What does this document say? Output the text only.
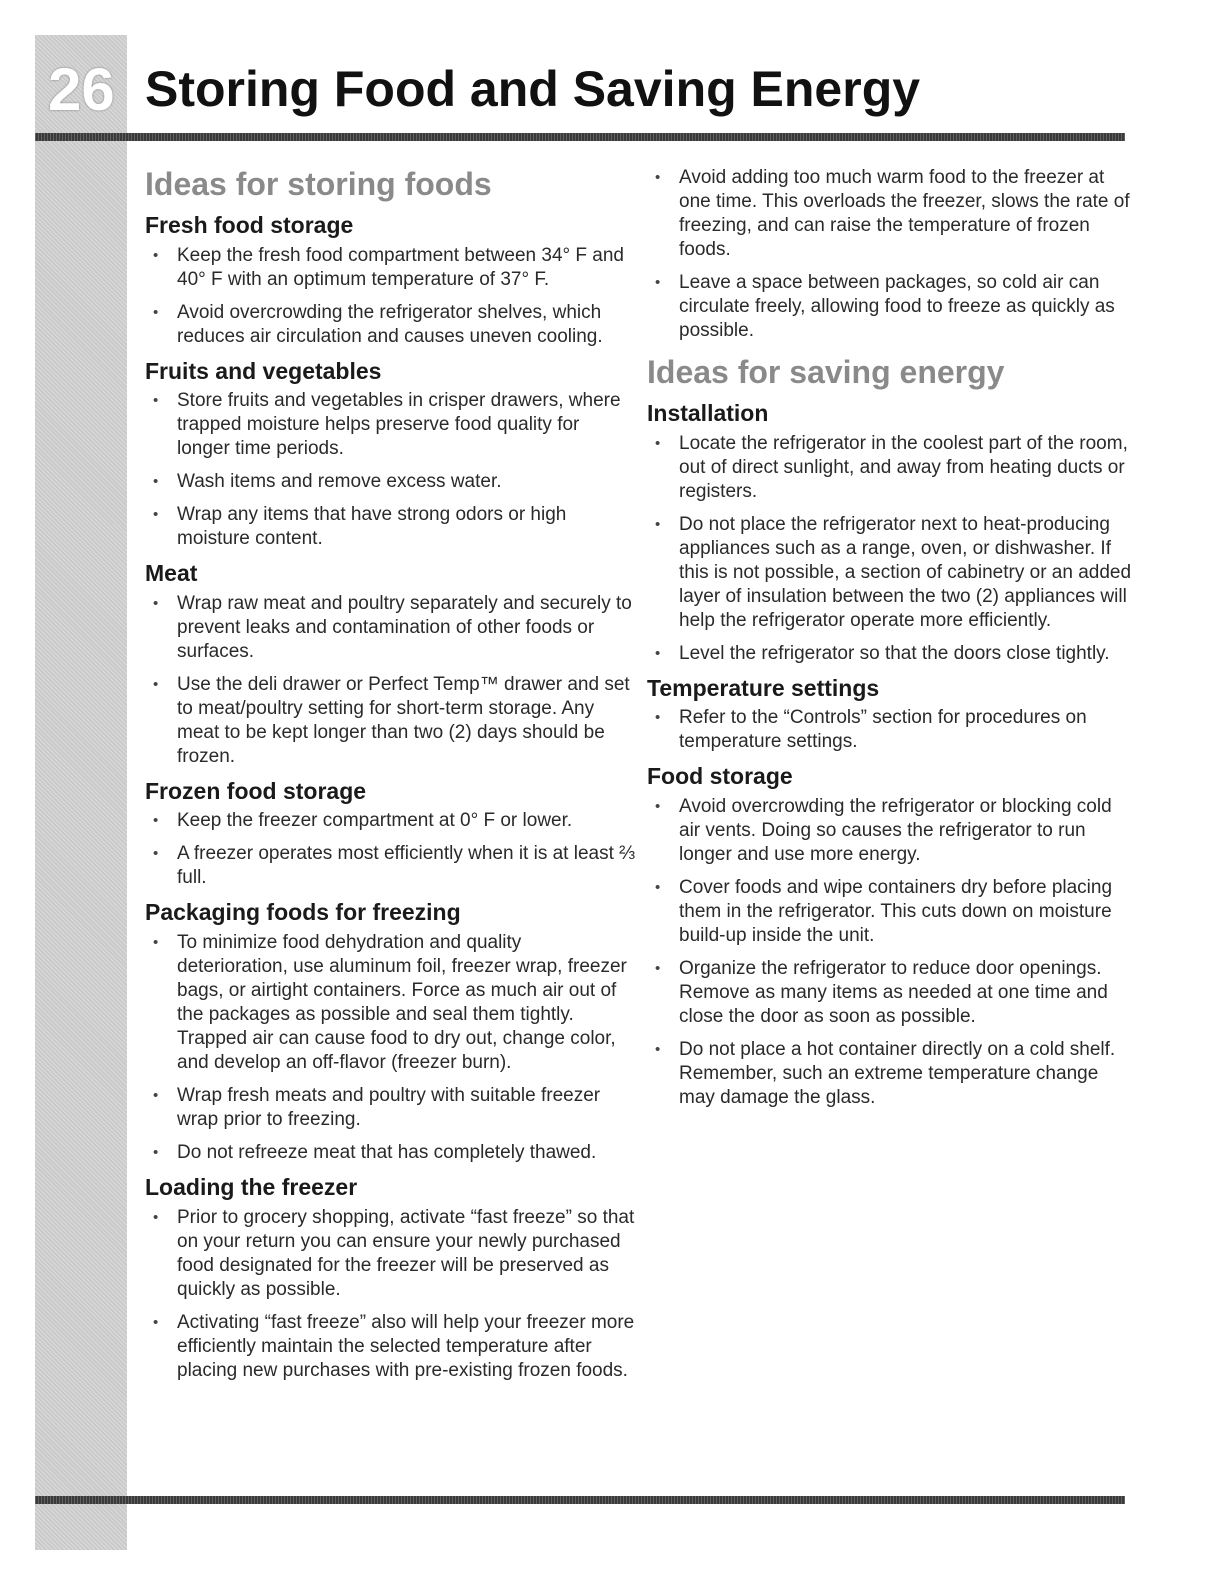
26 Storing Food and Saving Energy
Ideas for storing foods
Fresh food storage
• Keep the fresh food compartment between 34° F and 40° F with an optimum temperature of 37° F.
• Avoid overcrowding the refrigerator shelves, which reduces air circulation and causes uneven cooling.
Fruits and vegetables
• Store fruits and vegetables in crisper drawers, where trapped moisture helps preserve food quality for longer time periods.
• Wash items and remove excess water.
• Wrap any items that have strong odors or high moisture content.
Meat
• Wrap raw meat and poultry separately and securely to prevent leaks and contamination of other foods or surfaces.
• Use the deli drawer or Perfect Temp™ drawer and set to meat/poultry setting for short-term storage. Any meat to be kept longer than two (2) days should be frozen.
Frozen food storage
• Keep the freezer compartment at 0° F or lower.
• A freezer operates most efficiently when it is at least ⅔ full.
Packaging foods for freezing
• To minimize food dehydration and quality deterioration, use aluminum foil, freezer wrap, freezer bags, or airtight containers. Force as much air out of the packages as possible and seal them tightly. Trapped air can cause food to dry out, change color, and develop an off-flavor (freezer burn).
• Wrap fresh meats and poultry with suitable freezer wrap prior to freezing.
• Do not refreeze meat that has completely thawed.
Loading the freezer
• Prior to grocery shopping, activate “fast freeze” so that on your return you can ensure your newly purchased food designated for the freezer will be preserved as quickly as possible.
• Activating “fast freeze” also will help your freezer more efficiently maintain the selected temperature after placing new purchases with pre-existing frozen foods.
• Avoid adding too much warm food to the freezer at one time. This overloads the freezer, slows the rate of freezing, and can raise the temperature of frozen foods.
• Leave a space between packages, so cold air can circulate freely, allowing food to freeze as quickly as possible.
Ideas for saving energy
Installation
• Locate the refrigerator in the coolest part of the room, out of direct sunlight, and away from heating ducts or registers.
• Do not place the refrigerator next to heat-producing appliances such as a range, oven, or dishwasher. If this is not possible, a section of cabinetry or an added layer of insulation between the two (2) appliances will help the refrigerator operate more efficiently.
• Level the refrigerator so that the doors close tightly.
Temperature settings
• Refer to the “Controls” section for procedures on temperature settings.
Food storage
• Avoid overcrowding the refrigerator or blocking cold air vents. Doing so causes the refrigerator to run longer and use more energy.
• Cover foods and wipe containers dry before placing them in the refrigerator. This cuts down on moisture build-up inside the unit.
• Organize the refrigerator to reduce door openings. Remove as many items as needed at one time and close the door as soon as possible.
• Do not place a hot container directly on a cold shelf. Remember, such an extreme temperature change may damage the glass.
